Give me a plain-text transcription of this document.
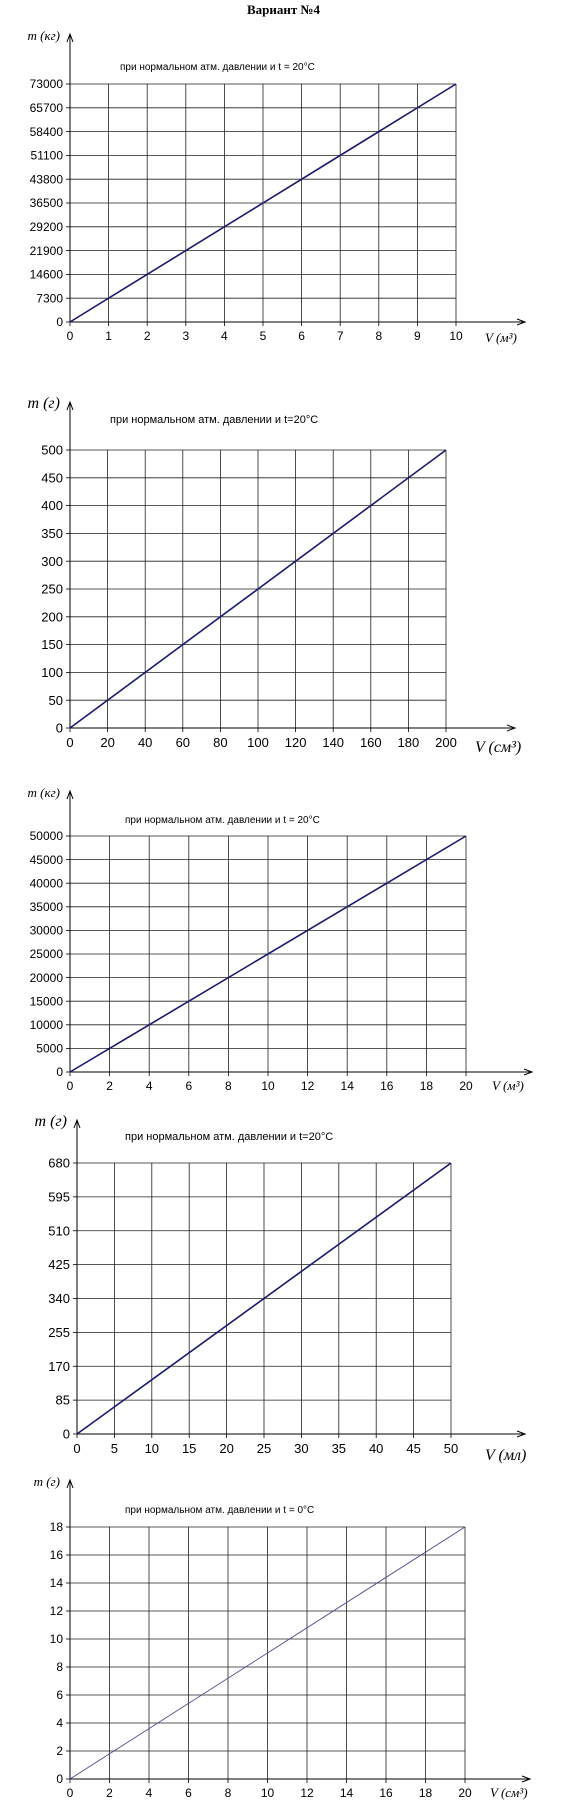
Вариант №4
0	1	2	3	4	5	6	7	8	9 10
0
7300
14600
21900
29200
36500
43800
51100
58400
65700
73000
m (кг)
V (м³)
при нормальном атм. давлении и t = 20°C
0 20 40 60 80 100 120 140 160 180 200
0
50
100
150
200
250
300
350
400
450
500
m (г)
V (см³)
при нормальном атм. давлении и t=20°C
0	2	4	6	8 10 12 14 16 18 20
0
5000
10000
15000
20000
25000
30000
35000
40000
45000
50000
m (кг)
V (м³)
при нормальном атм. давлении и t = 20°C
0 5 10 15 20 25 30 35 40 45 50
0
85
170
255
340
425
510
595
680
m (г)
V (мл)
при нормальном атм. давлении и t=20°C
0	2	4	6	8 10 12 14 16 18 20
0
2
4
6
8
10
12
14
16
18
m (г)
V (см³)
при нормальном атм. давлении и t = 0°C
